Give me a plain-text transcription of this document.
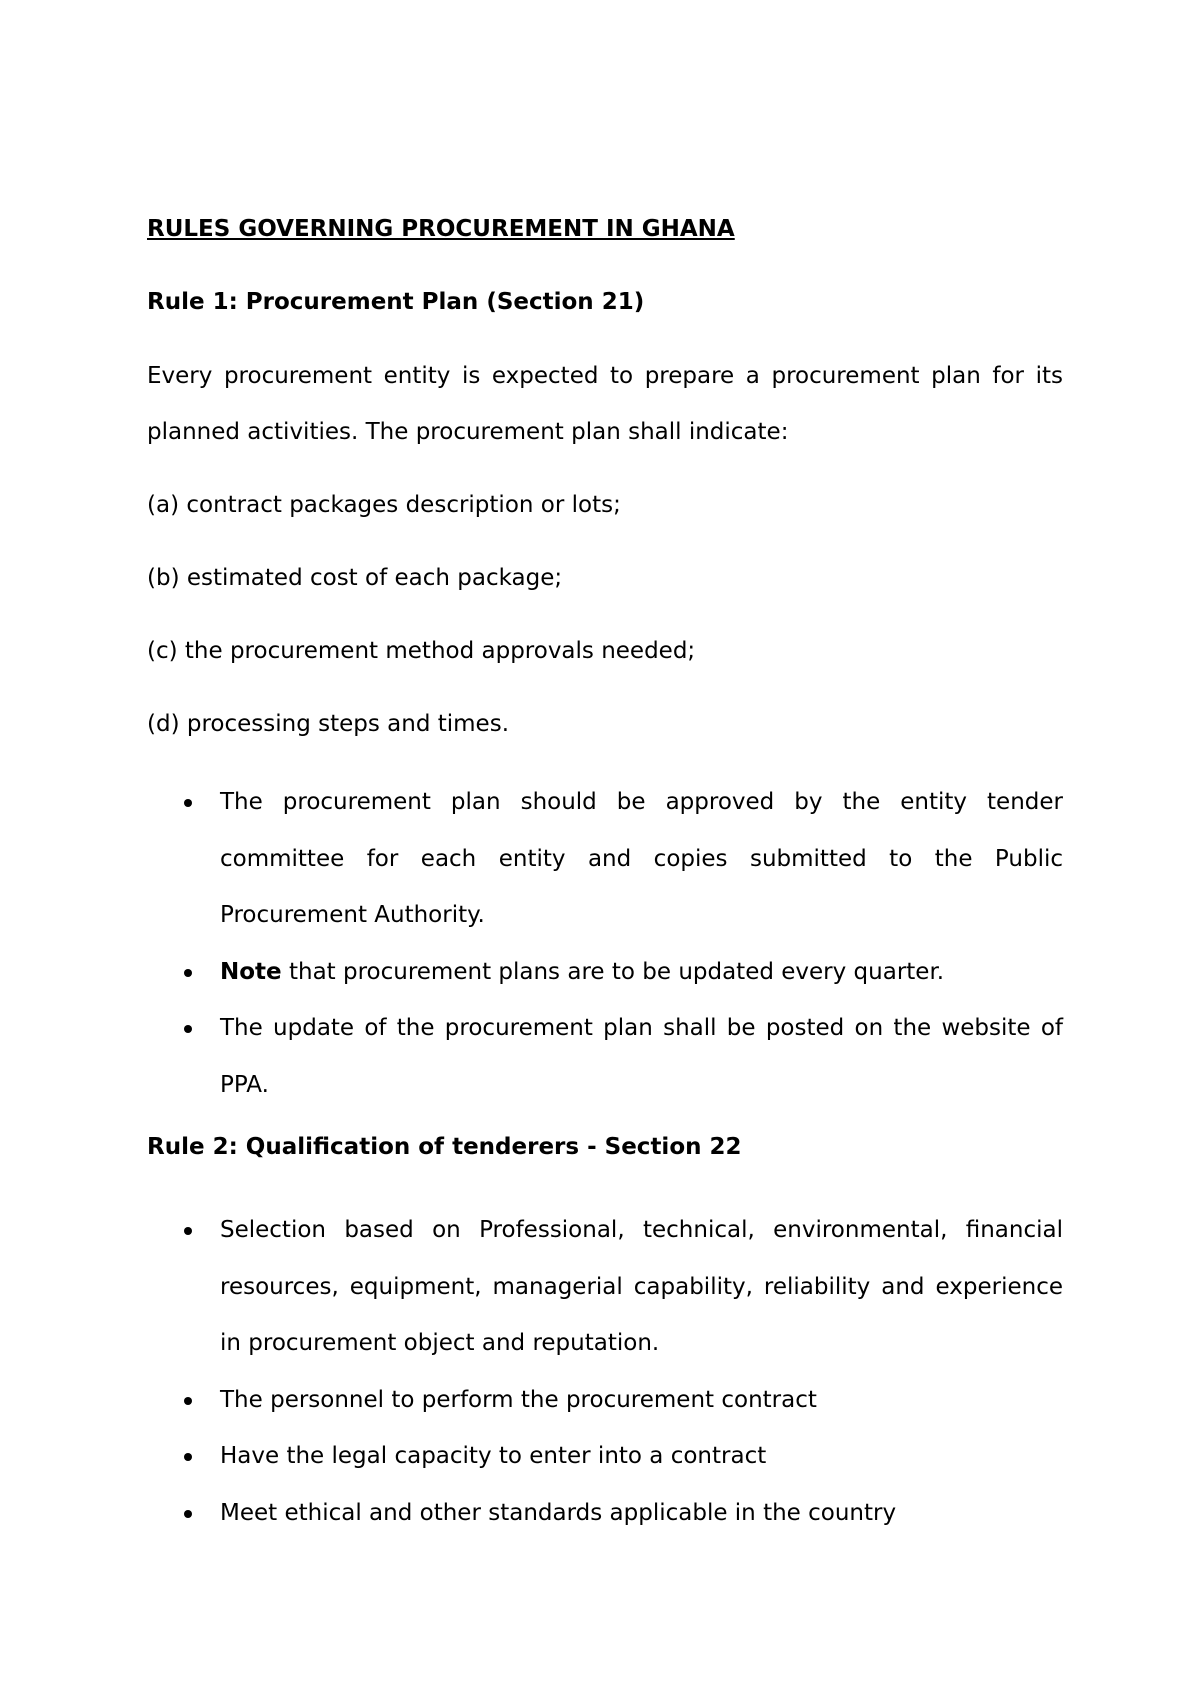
RULES GOVERNING PROCUREMENT IN GHANA
Rule 1: Procurement Plan (Section 21)

Every procurement entity is expected to prepare a procurement plan for its planned activities. The procurement plan shall indicate:

(a) contract packages description or lots;

(b) estimated cost of each package;

(c) the procurement method approvals needed;

(d) processing steps and times.

The procurement plan should be approved by the entity tender committee for each entity and copies submitted to the Public Procurement Authority.
Note that procurement plans are to be updated every quarter.
The update of the procurement plan shall be posted on the website of PPA.
Rule 2: Qualification of tenderers - Section 22
Selection based on Professional, technical, environmental, financial resources, equipment, managerial capability, reliability and experience in procurement object and reputation.
The personnel to perform the procurement contract
Have the legal capacity to enter into a contract
Meet ethical and other standards applicable in the country
